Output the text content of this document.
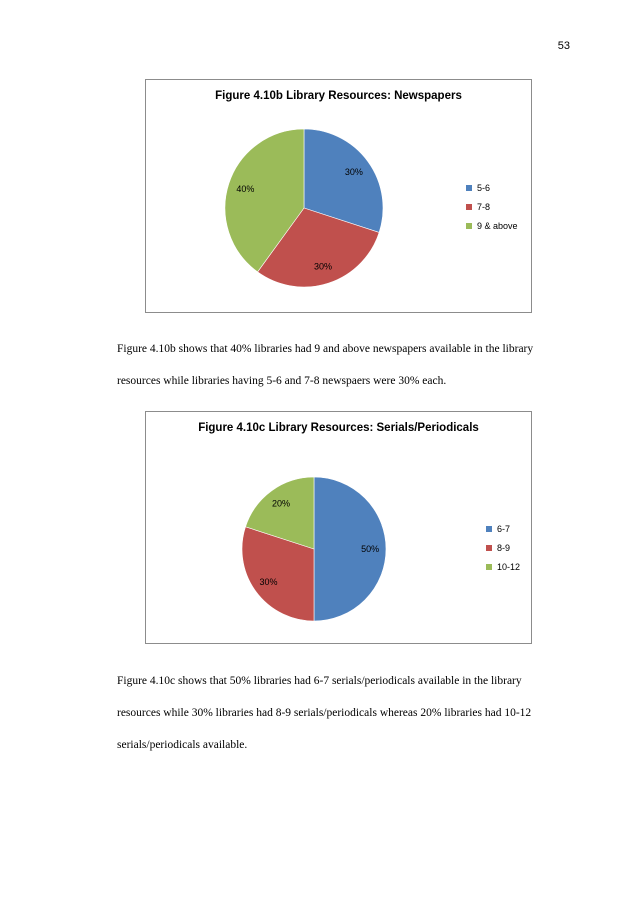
53
Figure 4.10b Library Resources: Newspapers
30%
30%
40%	5-6
7-8
9 & above
Figure 4.10b shows that 40% libraries had 9 and above newspapers available in the library resources while libraries having 5-6 and 7-8 newspaers were 30% each.
Figure 4.10c Library Resources: Serials/Periodicals
50%
30%
20%
6-7
8-9
10-12
Figure 4.10c shows that 50% libraries had 6-7 serials/periodicals available in the library resources while 30% libraries had 8-9 serials/periodicals whereas 20% libraries had 10-12 serials/periodicals available.
